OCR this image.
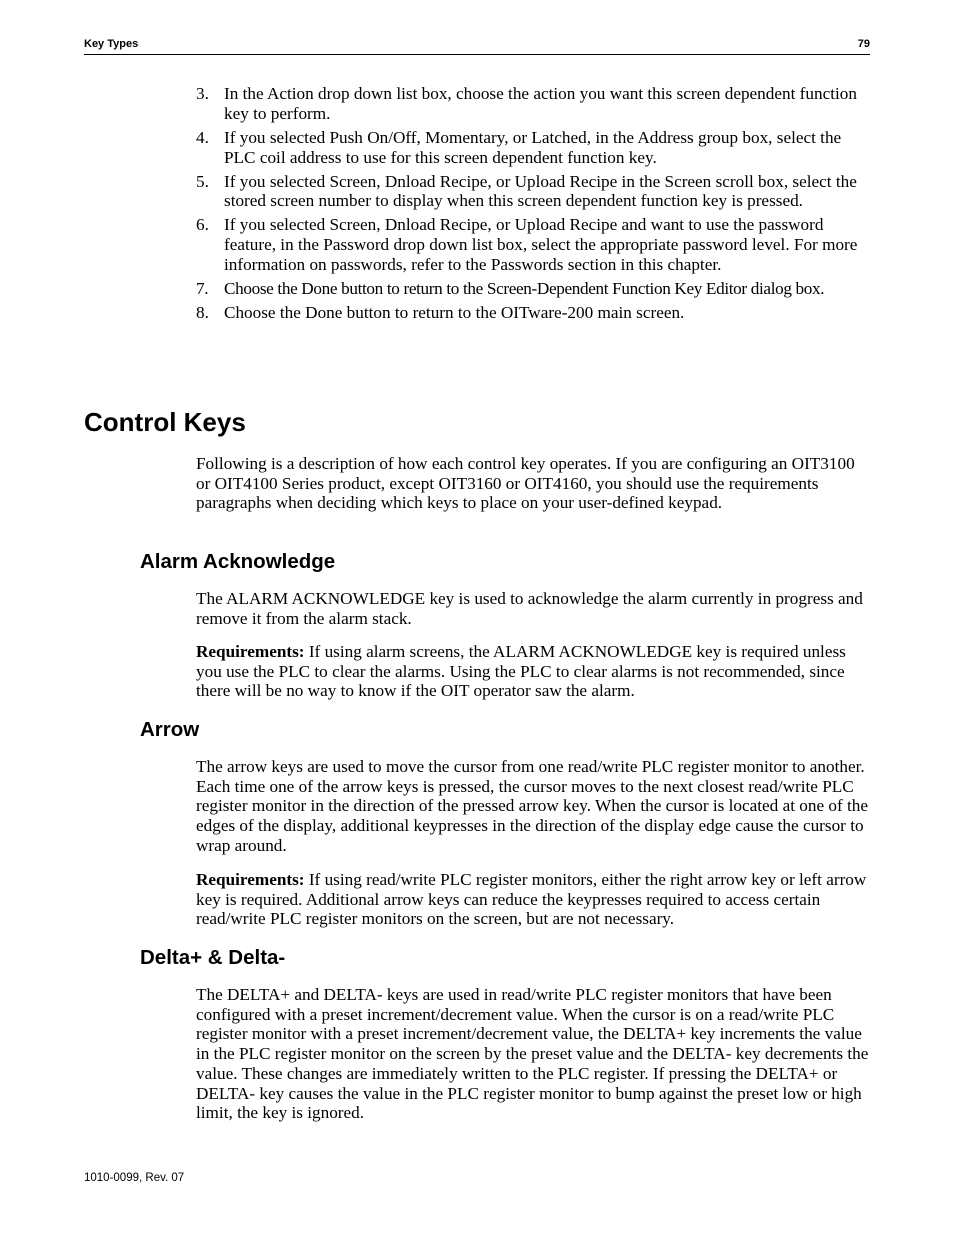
Key Types	79
3. In the Action drop down list box, choose the action you want this screen dependent function key to perform.
4. If you selected Push On/Off, Momentary, or Latched, in the Address group box, select the PLC coil address to use for this screen dependent function key.
5. If you selected Screen, Dnload Recipe, or Upload Recipe in the Screen scroll box, select the stored screen number to display when this screen dependent function key is pressed.
6. If you selected Screen, Dnload Recipe, or Upload Recipe and want to use the password feature, in the Password drop down list box, select the appropriate password level. For more information on passwords, refer to the Passwords section in this chapter.
7. Choose the Done button to return to the Screen-Dependent Function Key Editor dialog box.
8. Choose the Done button to return to the OITware-200 main screen.
Control Keys

Following is a description of how each control key operates. If you are configuring an OIT3100 or OIT4100 Series product, except OIT3160 or OIT4160, you should use the requirements paragraphs when deciding which keys to place on your user-defined keypad.

Alarm Acknowledge

The ALARM ACKNOWLEDGE key is used to acknowledge the alarm currently in progress and remove it from the alarm stack.

Requirements: If using alarm screens, the ALARM ACKNOWLEDGE key is required unless you use the PLC to clear the alarms. Using the PLC to clear alarms is not recommended, since there will be no way to know if the OIT operator saw the alarm.

Arrow

The arrow keys are used to move the cursor from one read/write PLC register monitor to another. Each time one of the arrow keys is pressed, the cursor moves to the next closest read/write PLC register monitor in the direction of the pressed arrow key. When the cursor is located at one of the edges of the display, additional keypresses in the direction of the display edge cause the cursor to wrap around.

Requirements: If using read/write PLC register monitors, either the right arrow key or left arrow key is required. Additional arrow keys can reduce the keypresses required to access certain read/write PLC register monitors on the screen, but are not necessary.

Delta+ & Delta-

The DELTA+ and DELTA- keys are used in read/write PLC register monitors that have been configured with a preset increment/decrement value. When the cursor is on a read/write PLC register monitor with a preset increment/decrement value, the DELTA+ key increments the value in the PLC register monitor on the screen by the preset value and the DELTA- key decrements the value. These changes are immediately written to the PLC register. If pressing the DELTA+ or DELTA- key causes the value in the PLC register monitor to bump against the preset low or high limit, the key is ignored.

1010-0099, Rev. 07
